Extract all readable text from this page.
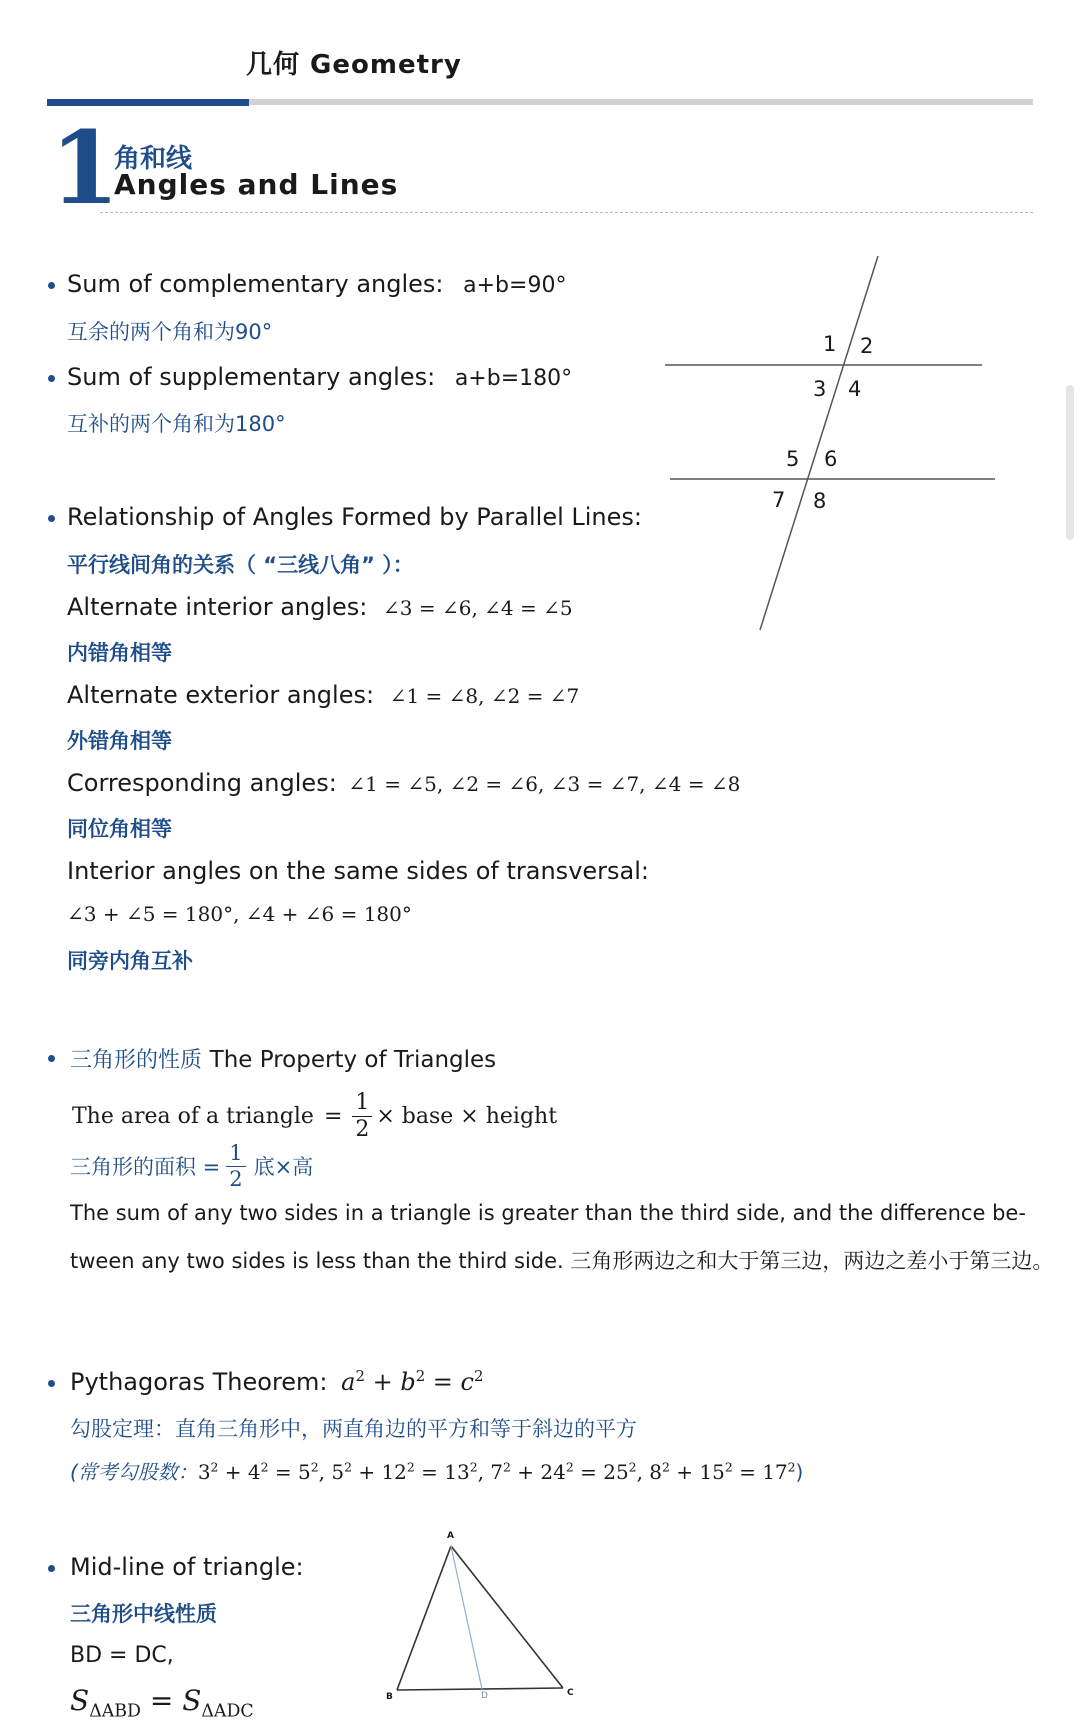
几何 Geometry
1
角和线
Angles and Lines
Sum of complementary angles: a+b=90°
互余的两个角和为90°
Sum of supplementary angles: a+b=180°
互补的两个角和为180°
1 2
3 4
5 6
7 8
Relationship of Angles Formed by Parallel Lines:
平行线间角的关系（ “三线八角” ）：
Alternate interior angles: ∠3 = ∠6, ∠4 = ∠5
内错角相等
Alternate exterior angles: ∠1 = ∠8, ∠2 = ∠7
外错角相等
Corresponding angles: ∠1 = ∠5, ∠2 = ∠6, ∠3 = ∠7, ∠4 = ∠8
同位角相等
Interior angles on the same sides of transversal:
∠3 + ∠5 = 180°, ∠4 + ∠6 = 180°
同旁内角互补
三角形的性质 The Property of Triangles
The area of a triangle = $\frac{1}{2}$ × base × height
三角形的面积 = $\frac{1}{2}$ 底×高
The sum of any two sides in a triangle is greater than the third side, and the difference be-
tween any two sides is less than the third side. 三角形两边之和大于第三边，两边之差小于第三边。
Pythagoras Theorem: $a^2 + b^2 = c^2$
勾股定理：直角三角形中，两直角边的平方和等于斜边的平方
(常考勾股数：$3^2 + 4^2 = 5^2$, $5^2 + 12^2 = 13^2$, $7^2 + 24^2 = 25^2$, $8^2 + 15^2 = 17^2$)
Mid-line of triangle:
三角形中线性质
BD = DC,
$S_{\Delta ABD} = S_{\Delta ADC}$
A
B	D	C
